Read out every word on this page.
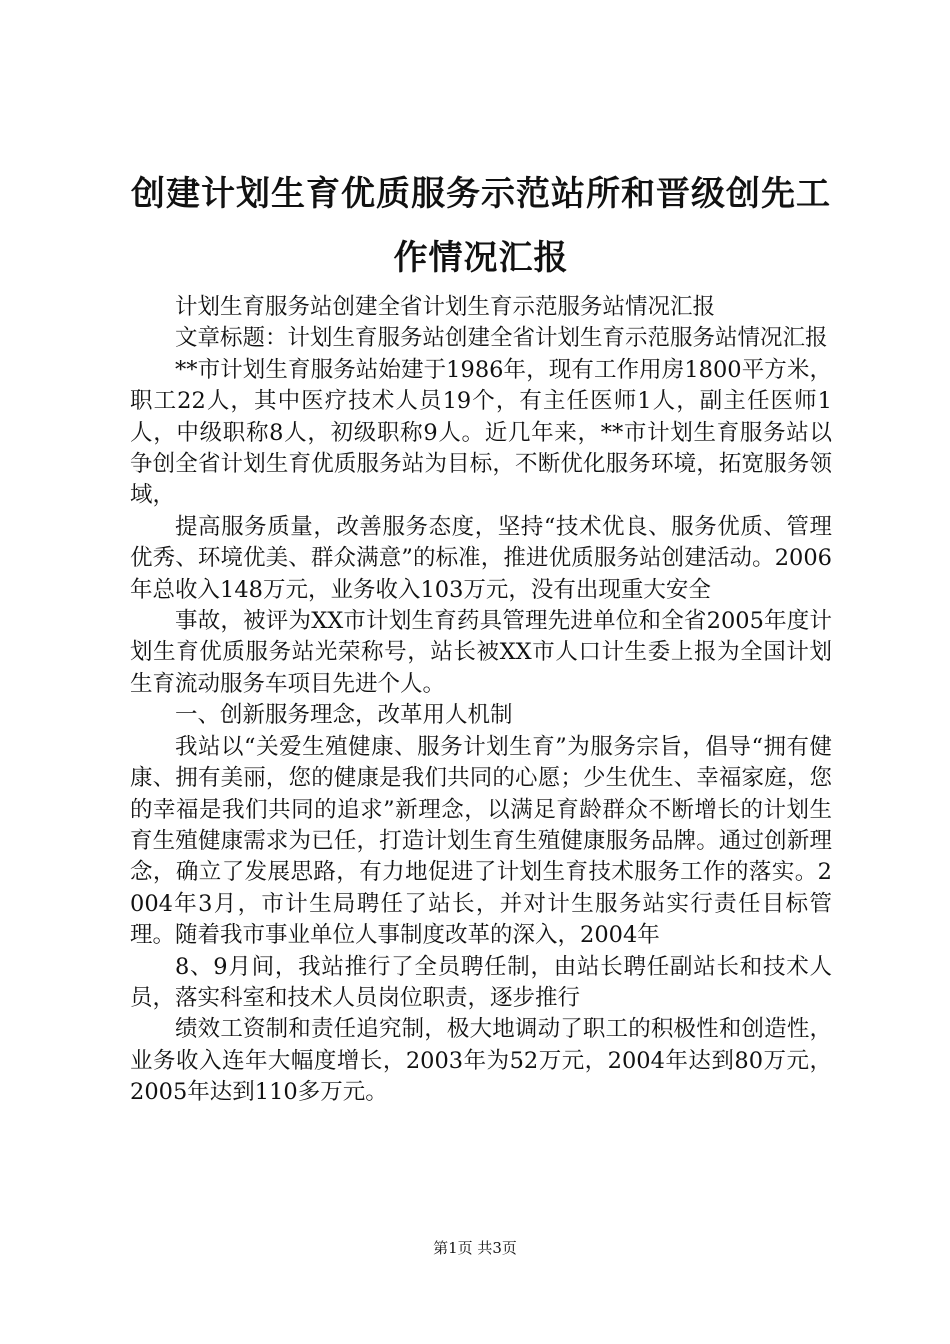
创建计划生育优质服务示范站所和晋级创先工作情况汇报

计划生育服务站创建全省计划生育示范服务站情况汇报

文章标题：计划生育服务站创建全省计划生育示范服务站情况汇报

**市计划生育服务站始建于1986年，现有工作用房1800平方米，职工22人，其中医疗技术人员19个，有主任医师1人，副主任医师1人，中级职称8人，初级职称9人。近几年来，**市计划生育服务站以争创全省计划生育优质服务站为目标，不断优化服务环境，拓宽服务领域，

提高服务质量，改善服务态度，坚持“技术优良、服务优质、管理优秀、环境优美、群众满意”的标准，推进优质服务站创建活动。2006年总收入148万元，业务收入103万元，没有出现重大安全

事故，被评为XX市计划生育药具管理先进单位和全省2005年度计划生育优质服务站光荣称号，站长被XX市人口计生委上报为全国计划生育流动服务车项目先进个人。

一、创新服务理念，改革用人机制

我站以“关爱生殖健康、服务计划生育”为服务宗旨，倡导“拥有健康、拥有美丽，您的健康是我们共同的心愿；少生优生、幸福家庭，您的幸福是我们共同的追求”新理念，以满足育龄群众不断增长的计划生育生殖健康需求为已任，打造计划生育生殖健康服务品牌。通过创新理念，确立了发展思路，有力地促进了计划生育技术服务工作的落实。2004年3月，市计生局聘任了站长，并对计生服务站实行责任目标管理。随着我市事业单位人事制度改革的深入，2004年

8、9月间，我站推行了全员聘任制，由站长聘任副站长和技术人员，落实科室和技术人员岗位职责，逐步推行

绩效工资制和责任追究制，极大地调动了职工的积极性和创造性，业务收入连年大幅度增长，2003年为52万元，2004年达到80万元，2005年达到110多万元。

第1页 共3页
